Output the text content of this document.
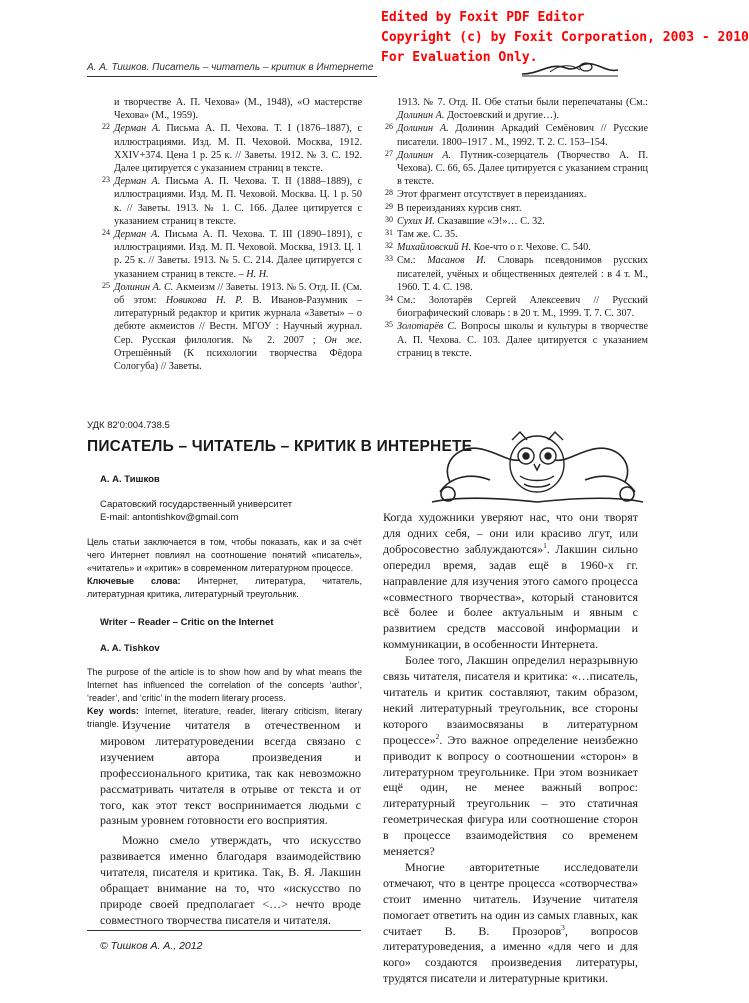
Edited by Foxit PDF Editor
Copyright (c) by Foxit Corporation, 2003 - 2010
For Evaluation Only.
А. А. Тишков. Писатель – читатель – критик в Интернете
и творчестве А. П. Чехова» (М., 1948), «О мастерстве Чехова» (М., 1959).
22 Дерман А. Письма А. П. Чехова. Т. I (1876–1887), с иллюстрациями. Изд. М. П. Чеховой. Москва, 1912. XXIV+374. Цена 1 р. 25 к. // Заветы. 1912. № 3. С. 192. Далее цитируется с указанием страниц в тексте.
23 Дерман А. Письма А. П. Чехова. Т. II (1888–1889), с иллюстрациями. Изд. М. П. Чеховой. Москва. Ц. 1 р. 50 к. // Заветы. 1913. № 1. С. 166. Далее цитируется с указанием страниц в тексте.
24 Дерман А. Письма А. П. Чехова. Т. III (1890–1891), с иллюстрациями. Изд. М. П. Чеховой. Москва, 1913. Ц. 1 р. 25 к. // Заветы. 1913. № 5. С. 214. Далее цитируется с указанием страниц в тексте. – Н. Н.
25 Долинин А. С. Акмеизм // Заветы. 1913. № 5. Отд. II. (См. об этом: Новикова Н. Р. В. Иванов-Разумник – литературный редактор и критик журнала «Заветы» – о дебюте акмеистов // Вестн. МГОУ : Научный журнал. Сер. Русская филология. № 2. 2007 ; Он же. Отрешённый (К психологии творчества Фёдора Сологуба) // Заветы.
1913. № 7. Отд. II. Обе статьи были перепечатаны (См.: Долинин А. Достоевский и другие…).
26 Долинин А. Долинин Аркадий Семёнович // Русские писатели. 1800–1917 . М., 1992. Т. 2. С. 153–154.
27 Долинин А. Путник-созерцатель (Творчество А. П. Чехова). С. 66, 65. Далее цитируется с указанием страниц в тексте.
28 Этот фрагмент отсутствует в переизданиях.
29 В переизданиях курсив снят.
30 Сухих И. Сказавшие «Э!»… С. 32.
31 Там же. С. 35.
32 Михайловский Н. Кое-что о г. Чехове. С. 540.
33 См.: Масанов И. Словарь псевдонимов русских писателей, учёных и общественных деятелей : в 4 т. М., 1960. Т. 4. С. 198.
34 См.: Золотарёв Сергей Алексеевич // Русский биографический словарь : в 20 т. М., 1999. Т. 7. С. 307.
35 Золотарёв С. Вопросы школы и культуры в творчестве А. П. Чехова. С. 103. Далее цитируется с указанием страниц в тексте.
УДК 82'0:004.738.5
ПИСАТЕЛЬ – ЧИТАТЕЛЬ – КРИТИК В ИНТЕРНЕТЕ
А. А. Тишков
Саратовский государственный университет
E-mail: antontishkov@gmail.com
Цель статьи заключается в том, чтобы показать, как и за счёт чего Интернет повлиял на соотношение понятий «писатель», «читатель» и «критик» в современном литературном процессе.
Ключевые слова: Интернет, литература, читатель, литературная критика, литературный треугольник.
Writer – Reader – Critic on the Internet
A. A. Tishkov
The purpose of the article is to show how and by what means the Internet has influenced the correlation of the concepts ‘author’, ‘reader’, and ‘critic’ in the modern literary process.
Key words: Internet, literature, reader, literary criticism, literary triangle. Изучение читателя в отечественном и мировом литературоведении всегда связано с изучением автора произведения и профессионального критика, так как невозможно рассматривать читателя в отрыве от текста и от того, как этот текст воспринимается людьми с разным уровнем готовности его восприятия.

Можно смело утверждать, что искусство развивается именно благодаря взаимодействию читателя, писателя и критика. Так, В. Я. Лакшин обращает внимание на то, что «искусство по природе своей предполагает <…> нечто вроде совместного творчества писателя и читателя.

© Тишков А. А., 2012

Когда художники уверяют нас, что они творят для одних себя, – они или красиво лгут, или добросовестно заблуждаются»$^1$. Лакшин сильно опередил время, задав ещё в 1960-х гг. направление для изучения этого самого процесса «совместного творчества», который становится всё более и более актуальным и явным с развитием средств массовой информации и коммуникации, в особенности Интернета.

Более того, Лакшин определил неразрывную связь читателя, писателя и критика: «…писатель, читатель и критик составляют, таким образом, некий литературный треугольник, все стороны которого взаимосвязаны в литературном процессе»$^2$. Это важное определение неизбежно приводит к вопросу о соотношении «сторон» в литературном треугольнике. При этом возникает ещё один, не менее важный вопрос: литературный треугольник – это статичная геометрическая фигура или соотношение сторон в процессе взаимодействия со временем меняется?

Многие авторитетные исследователи отмечают, что в центре процесса «сотворчества» стоит именно читатель. Изучение читателя помогает ответить на один из самых главных, как считает В. В. Прозоров$^3$, вопросов литературоведения, а именно «для чего и для кого» создаются произведения литературы, трудятся писатели и литературные критики.
